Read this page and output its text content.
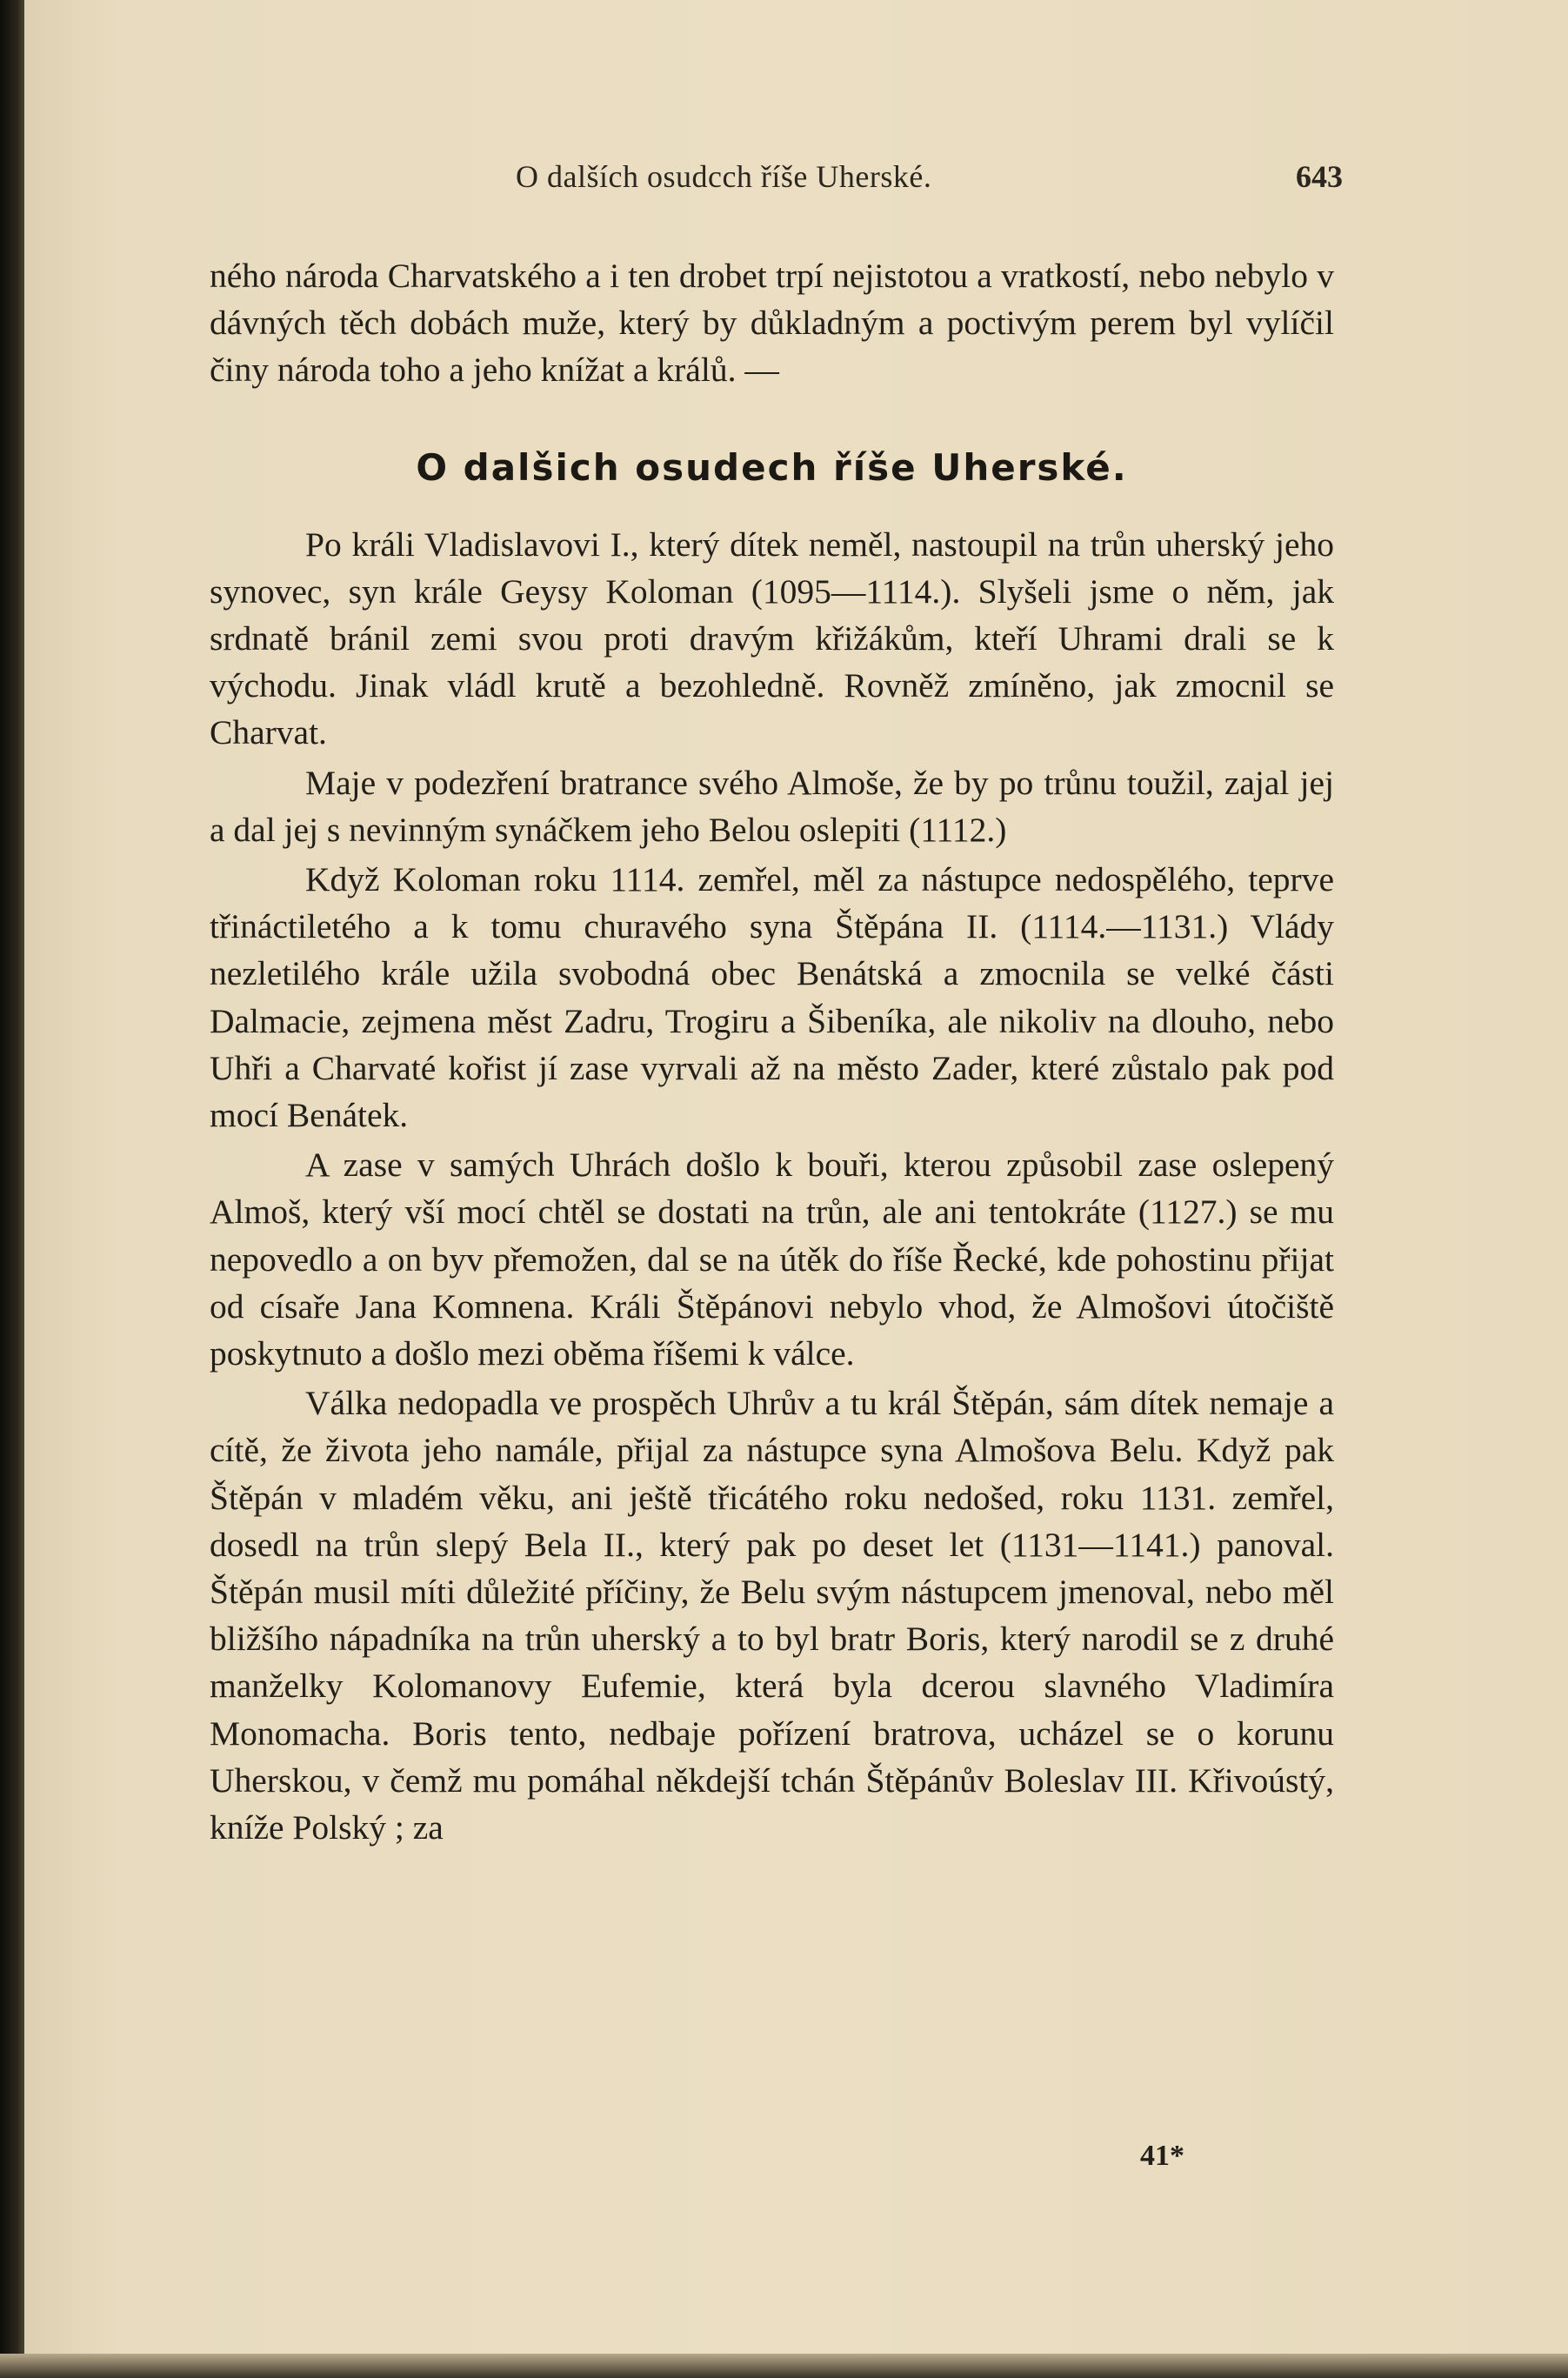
O dalších osudcch říše Uherské.	643

ného národa Charvatského a i ten drobet trpí nejistotou a vratkostí, nebo nebylo v dávných těch dobách muže, který by důkladným a poctivým perem byl vylíčil činy národa toho a jeho knížat a králů. —

O dalšich osudech říše Uherské.

Po králi Vladislavovi I., který dítek neměl, nastoupil na trůn uherský jeho synovec, syn krále Geysy Koloman (1095—1114.). Slyšeli jsme o něm, jak srdnatě bránil zemi svou proti dravým křižákům, kteří Uhrami drali se k východu. Jinak vládl krutě a bezohledně. Rovněž zmíněno, jak zmocnil se Charvat.

Maje v podezření bratrance svého Almoše, že by po trůnu toužil, zajal jej a dal jej s nevinným synáčkem jeho Belou oslepiti (1112.)

Když Koloman roku 1114. zemřel, měl za nástupce nedospělého, teprve třináctiletého a k tomu churavého syna Štěpána II. (1114.—1131.) Vlády nezletilého krále užila svobodná obec Benátská a zmocnila se velké části Dalmacie, zejmena měst Zadru, Trogiru a Šibeníka, ale nikoliv na dlouho, nebo Uhři a Charvaté kořist jí zase vyrvali až na město Zader, které zůstalo pak pod mocí Benátek.

A zase v samých Uhrách došlo k bouři, kterou způsobil zase oslepený Almoš, který vší mocí chtěl se dostati na trůn, ale ani tentokráte (1127.) se mu nepovedlo a on byv přemožen, dal se na útěk do říše Řecké, kde pohostinu přijat od císaře Jana Komnena. Králi Štěpánovi nebylo vhod, že Almošovi útočiště poskytnuto a došlo mezi oběma říšemi k válce.

Válka nedopadla ve prospěch Uhrův a tu král Štěpán, sám dítek nemaje a cítě, že života jeho namále, přijal za nástupce syna Almošova Belu. Když pak Štěpán v mladém věku, ani ještě třicátého roku nedošed, roku 1131. zemřel, dosedl na trůn slepý Bela II., který pak po deset let (1131—1141.) panoval. Štěpán musil míti důležité příčiny, že Belu svým nástupcem jmenoval, nebo měl bližšího nápadníka na trůn uherský a to byl bratr Boris, který narodil se z druhé manželky Kolomanovy Eufemie, která byla dcerou slavného Vladimíra Monomacha. Boris tento, nedbaje pořízení bratrova, ucházel se o korunu Uherskou, v čemž mu pomáhal někdejší tchán Štěpánův Boleslav III. Křivoústý, kníže Polský ; za

41*
